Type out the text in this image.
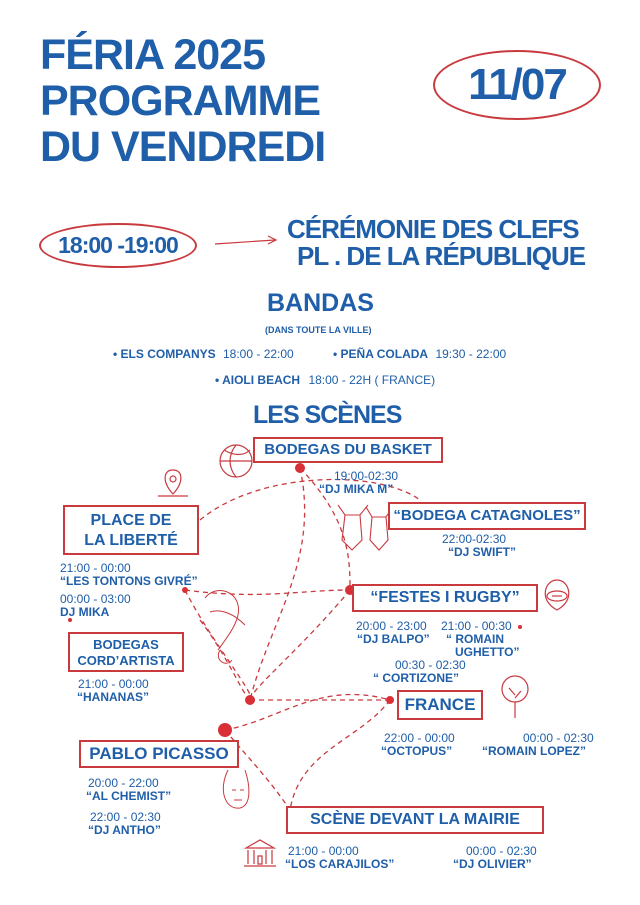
FÉRIA 2025
PROGRAMME
DU VENDREDI
11/07
18:00 -19:00
CÉRÉMONIE DES CLEFS
PL . DE LA RÉPUBLIQUE
BANDAS
(DANS TOUTE LA VILLE)
• ELS COMPANYS 18:00 - 22:00	• PEÑA COLADA 19:30 - 22:00
• AIOLI BEACH 18:00 - 22H ( FRANCE)
LES SCÈNES
BODEGAS DU BASKET
19:00-02:30
“DJ MIKA M”
“BODEGA CATAGNOLES”
22:00-02:30
“DJ SWIFT”
PLACE DE
LA LIBERTÉ
21:00 - 00:00
“LES TONTONS GIVRÉ”
00:00 - 03:00
DJ MIKA
“FESTES I RUGBY”
20:00 - 23:00
“DJ BALPO”
21:00 - 00:30
“ ROMAIN
UGHETTO”
00:30 - 02:30
“ CORTIZONE”
BODEGAS
CORD’ARTISTA
21:00 - 00:00
“HANANAS”	FRANCE
22:00 - 00:00
“OCTOPUS”
00:00 - 02:30
“ROMAIN LOPEZ”
PABLO PICASSO
20:00 - 22:00
“AL CHEMIST”
22:00 - 02:30
“DJ ANTHO”
SCÈNE DEVANT LA MAIRIE
21:00 - 00:00
“LOS CARAJILOS”
00:00 - 02:30
“DJ OLIVIER”
